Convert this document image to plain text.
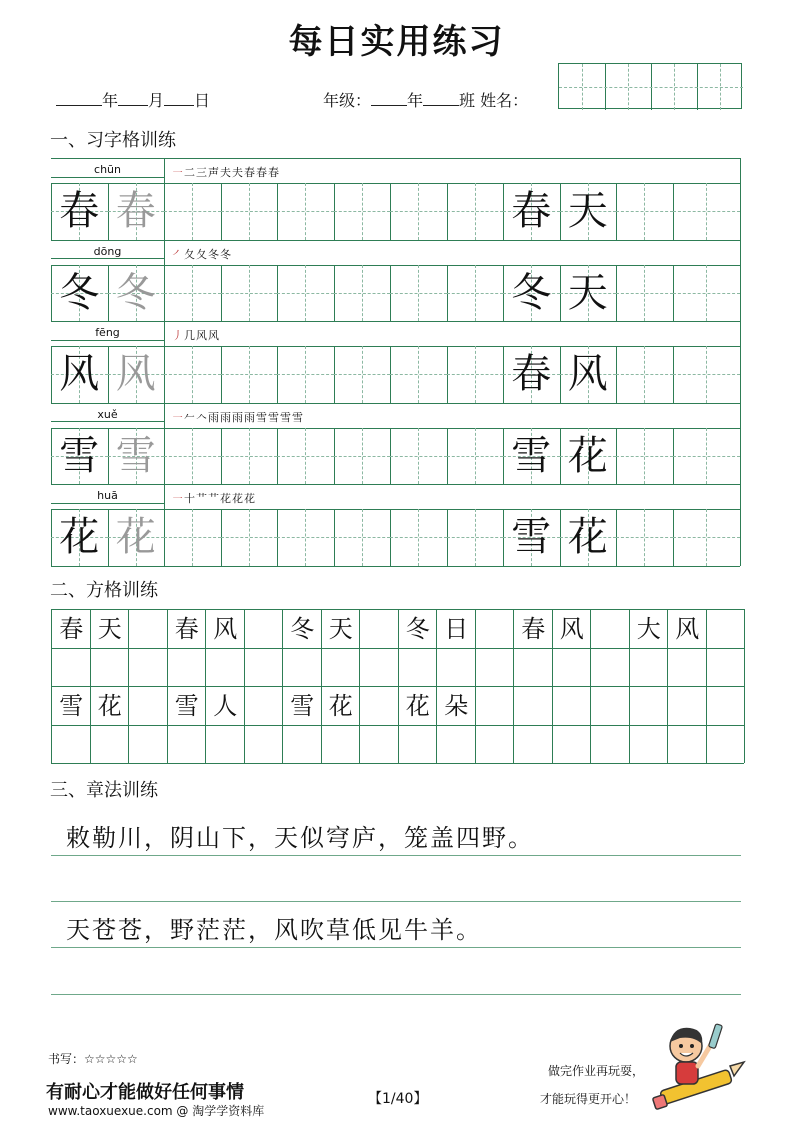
每日实用练习
年 月 日	年级： 年 班 姓名：
一、习字格训练
chūn	㇐二三声夫夫春春春
春 春	春 天
dōng	㇒夂夂冬冬
冬 冬	冬 天
fēng	丿几风风
风 风	春 风
xuě	㇐𠂉𠆢雨雨雨雨雪雪雪雪
雪 雪	雪 花
huā	㇐十艹艹花花花
花 花	雪 花
二、方格训练
春 天	春 风	冬 天	冬 日	春 风	大 风
雪 花	雪 人	雪 花	花 朵
三、章法训练
敕勒川，阴山下，天似穹庐，笼盖四野。
天苍苍，野茫茫，风吹草低见牛羊。
书写：☆☆☆☆☆
有耐心才能做好任何事情
www.taoxuexue.com @ 淘学学资料库
【1/40】
做完作业再玩耍，
才能玩得更开心！
